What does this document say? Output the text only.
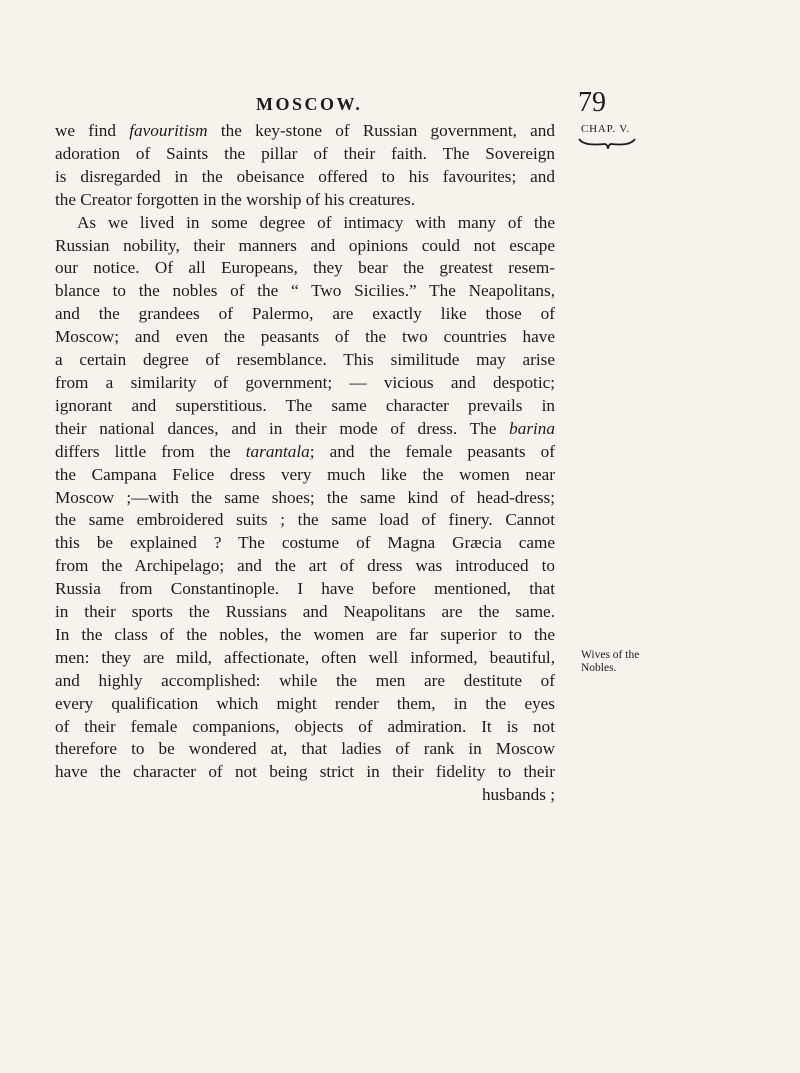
MOSCOW.	79
CHAP. V.
Wives of the
Nobles.
we find favouritism the key-stone of Russian government, and
adoration of Saints the pillar of their faith. The Sovereign
is disregarded in the obeisance offered to his favourites; and
the Creator forgotten in the worship of his creatures.
As we lived in some degree of intimacy with many of the
Russian nobility, their manners and opinions could not escape
our notice. Of all Europeans, they bear the greatest resem-
blance to the nobles of the “ Two Sicilies.” The Neapolitans,
and the grandees of Palermo, are exactly like those of
Moscow; and even the peasants of the two countries have
a certain degree of resemblance. This similitude may arise
from a similarity of government; — vicious and despotic;
ignorant and superstitious. The same character prevails in
their national dances, and in their mode of dress. The barina
differs little from the tarantala; and the female peasants of
the Campana Felice dress very much like the women near
Moscow ;—with the same shoes; the same kind of head-dress;
the same embroidered suits ; the same load of finery. Cannot
this be explained ? The costume of Magna Græcia came
from the Archipelago; and the art of dress was introduced to
Russia from Constantinople. I have before mentioned, that
in their sports the Russians and Neapolitans are the same.
In the class of the nobles, the women are far superior to the
men: they are mild, affectionate, often well informed, beautiful,
and highly accomplished: while the men are destitute of
every qualification which might render them, in the eyes
of their female companions, objects of admiration. It is not
therefore to be wondered at, that ladies of rank in Moscow
have the character of not being strict in their fidelity to their
husbands ;
